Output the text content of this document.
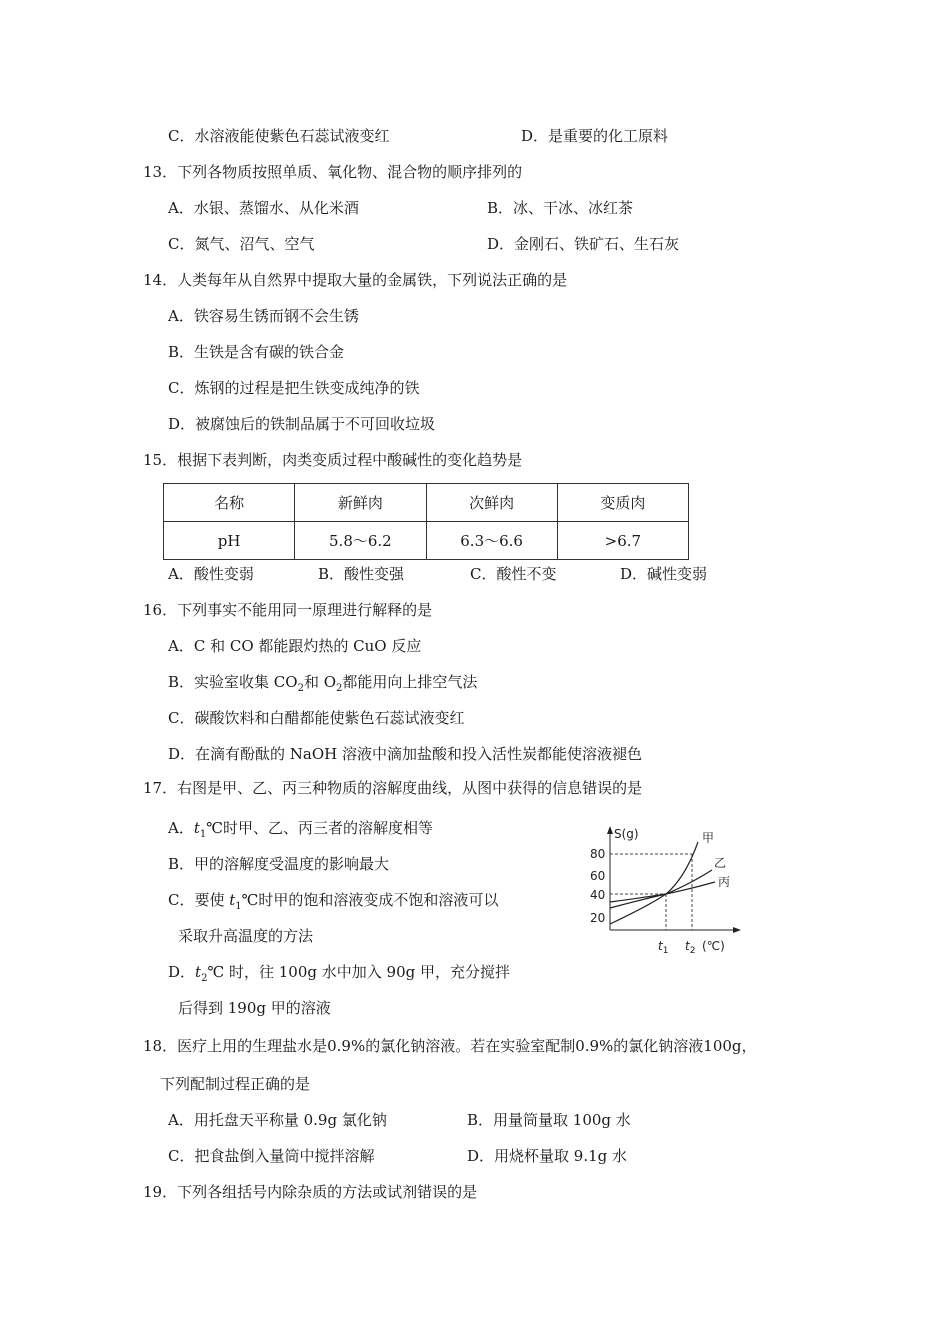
C．水溶液能使紫色石蕊试液变红	D．是重要的化工原料
13．下列各物质按照单质、氧化物、混合物的顺序排列的
A．水银、蒸馏水、从化米酒	B．冰、干冰、冰红茶
C．氮气、沼气、空气	D．金刚石、铁矿石、生石灰
14．人类每年从自然界中提取大量的金属铁，下列说法正确的是
A．铁容易生锈而钢不会生锈
B．生铁是含有碳的铁合金
C．炼钢的过程是把生铁变成纯净的铁
D．被腐蚀后的铁制品属于不可回收垃圾
15．根据下表判断，肉类变质过程中酸碱性的变化趋势是
名称	新鲜肉	次鲜肉	变质肉
pH	5.8～6.2	6.3～6.6	>6.7
A．酸性变弱	B．酸性变强	C．酸性不变	D．碱性变弱
16．下列事实不能用同一原理进行解释的是
A．C 和 CO 都能跟灼热的 CuO 反应
B．实验室收集 $CO_2$和 $O_2$都能用向上排空气法
C．碳酸饮料和白醋都能使紫色石蕊试液变红
D．在滴有酚酞的 NaOH 溶液中滴加盐酸和投入活性炭都能使溶液褪色
17．右图是甲、乙、丙三种物质的溶解度曲线，从图中获得的信息错误的是
A．$t_1℃$时甲、乙、丙三者的溶解度相等
B．甲的溶解度受温度的影响最大
C．要使 $t_1℃$时甲的饱和溶液变成不饱和溶液可以
采取升高温度的方法
D．$t_2℃$ 时，往 100g 水中加入 90g 甲，充分搅拌
后得到 190g 甲的溶液
S(g)
80
60
40
20
甲
乙
丙
$t_1$ $t_2$ (℃)
18．医疗上用的生理盐水是0.9%的氯化钠溶液。若在实验室配制0.9%的氯化钠溶液100g，
下列配制过程正确的是
A．用托盘天平称量 0.9g 氯化钠	B．用量筒量取 100g 水
C．把食盐倒入量筒中搅拌溶解	D．用烧杯量取 9.1g 水
19．下列各组括号内除杂质的方法或试剂错误的是
